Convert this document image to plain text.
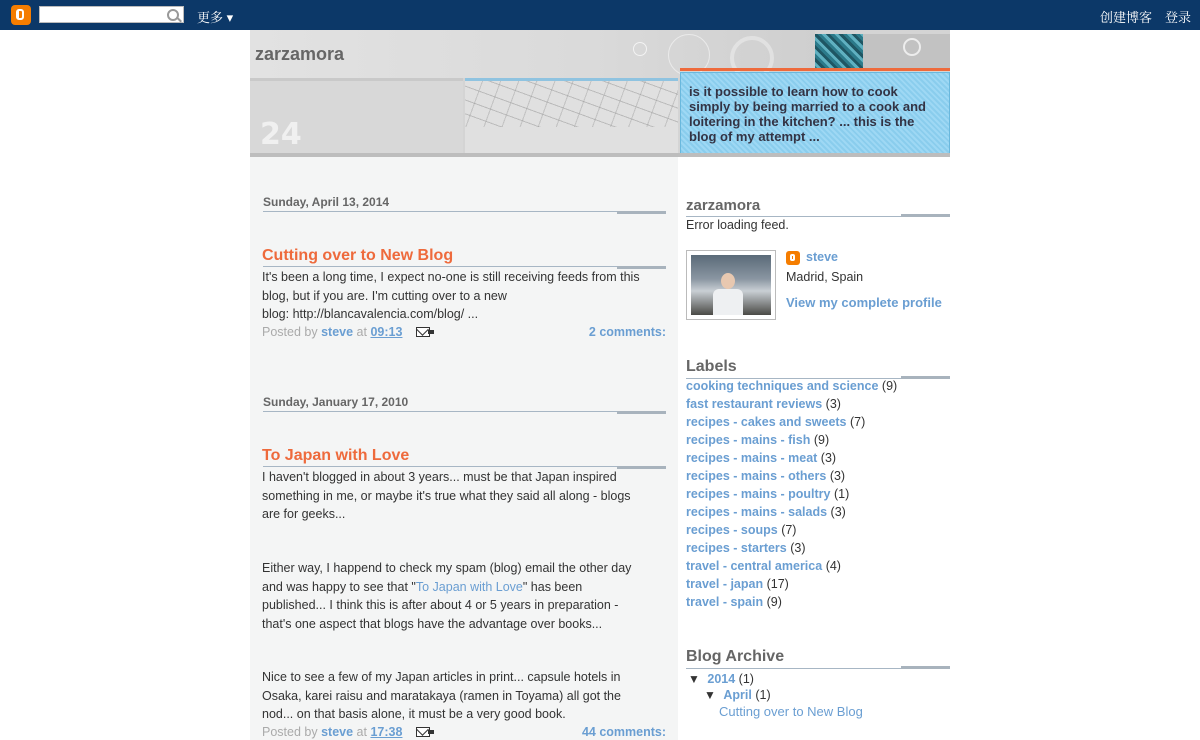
更多 ▾	创建博客 登录
zarzamora
24
is it possible to learn how to cook simply by being married to a cook and loitering in the kitchen? ... this is the blog of my attempt ...
Sunday, April 13, 2014
Cutting over to New Blog
It's been a long time, I expect no-one is still receiving feeds from this
blog, but if you are. I'm cutting over to a new
blog: http://blancavalencia.com/blog/ ...
Posted by steve at 09:13	2 comments:
Sunday, January 17, 2010
To Japan with Love
I haven't blogged in about 3 years... must be that Japan inspired
something in me, or maybe it's true what they said all along - blogs
are for geeks...
Either way, I happend to check my spam (blog) email the other day
and was happy to see that "To Japan with Love" has been
published... I think this is after about 4 or 5 years in preparation -
that's one aspect that blogs have the advantage over books...
Nice to see a few of my Japan articles in print... capsule hotels in
Osaka, karei raisu and maratakaya (ramen in Toyama) all got the
nod... on that basis alone, it must be a very good book.
Posted by steve at 17:38	44 comments:
zarzamora
Error loading feed.
steve
Madrid, Spain
View my complete profile
Labels
cooking techniques and science (9)
fast restaurant reviews (3)
recipes - cakes and sweets (7)
recipes - mains - fish (9)
recipes - mains - meat (3)
recipes - mains - others (3)
recipes - mains - poultry (1)
recipes - mains - salads (3)
recipes - soups (7)
recipes - starters (3)
travel - central america (4)
travel - japan (17)
travel - spain (9)
Blog Archive
▼ 2014 (1)
▼ April (1)
Cutting over to New Blog
